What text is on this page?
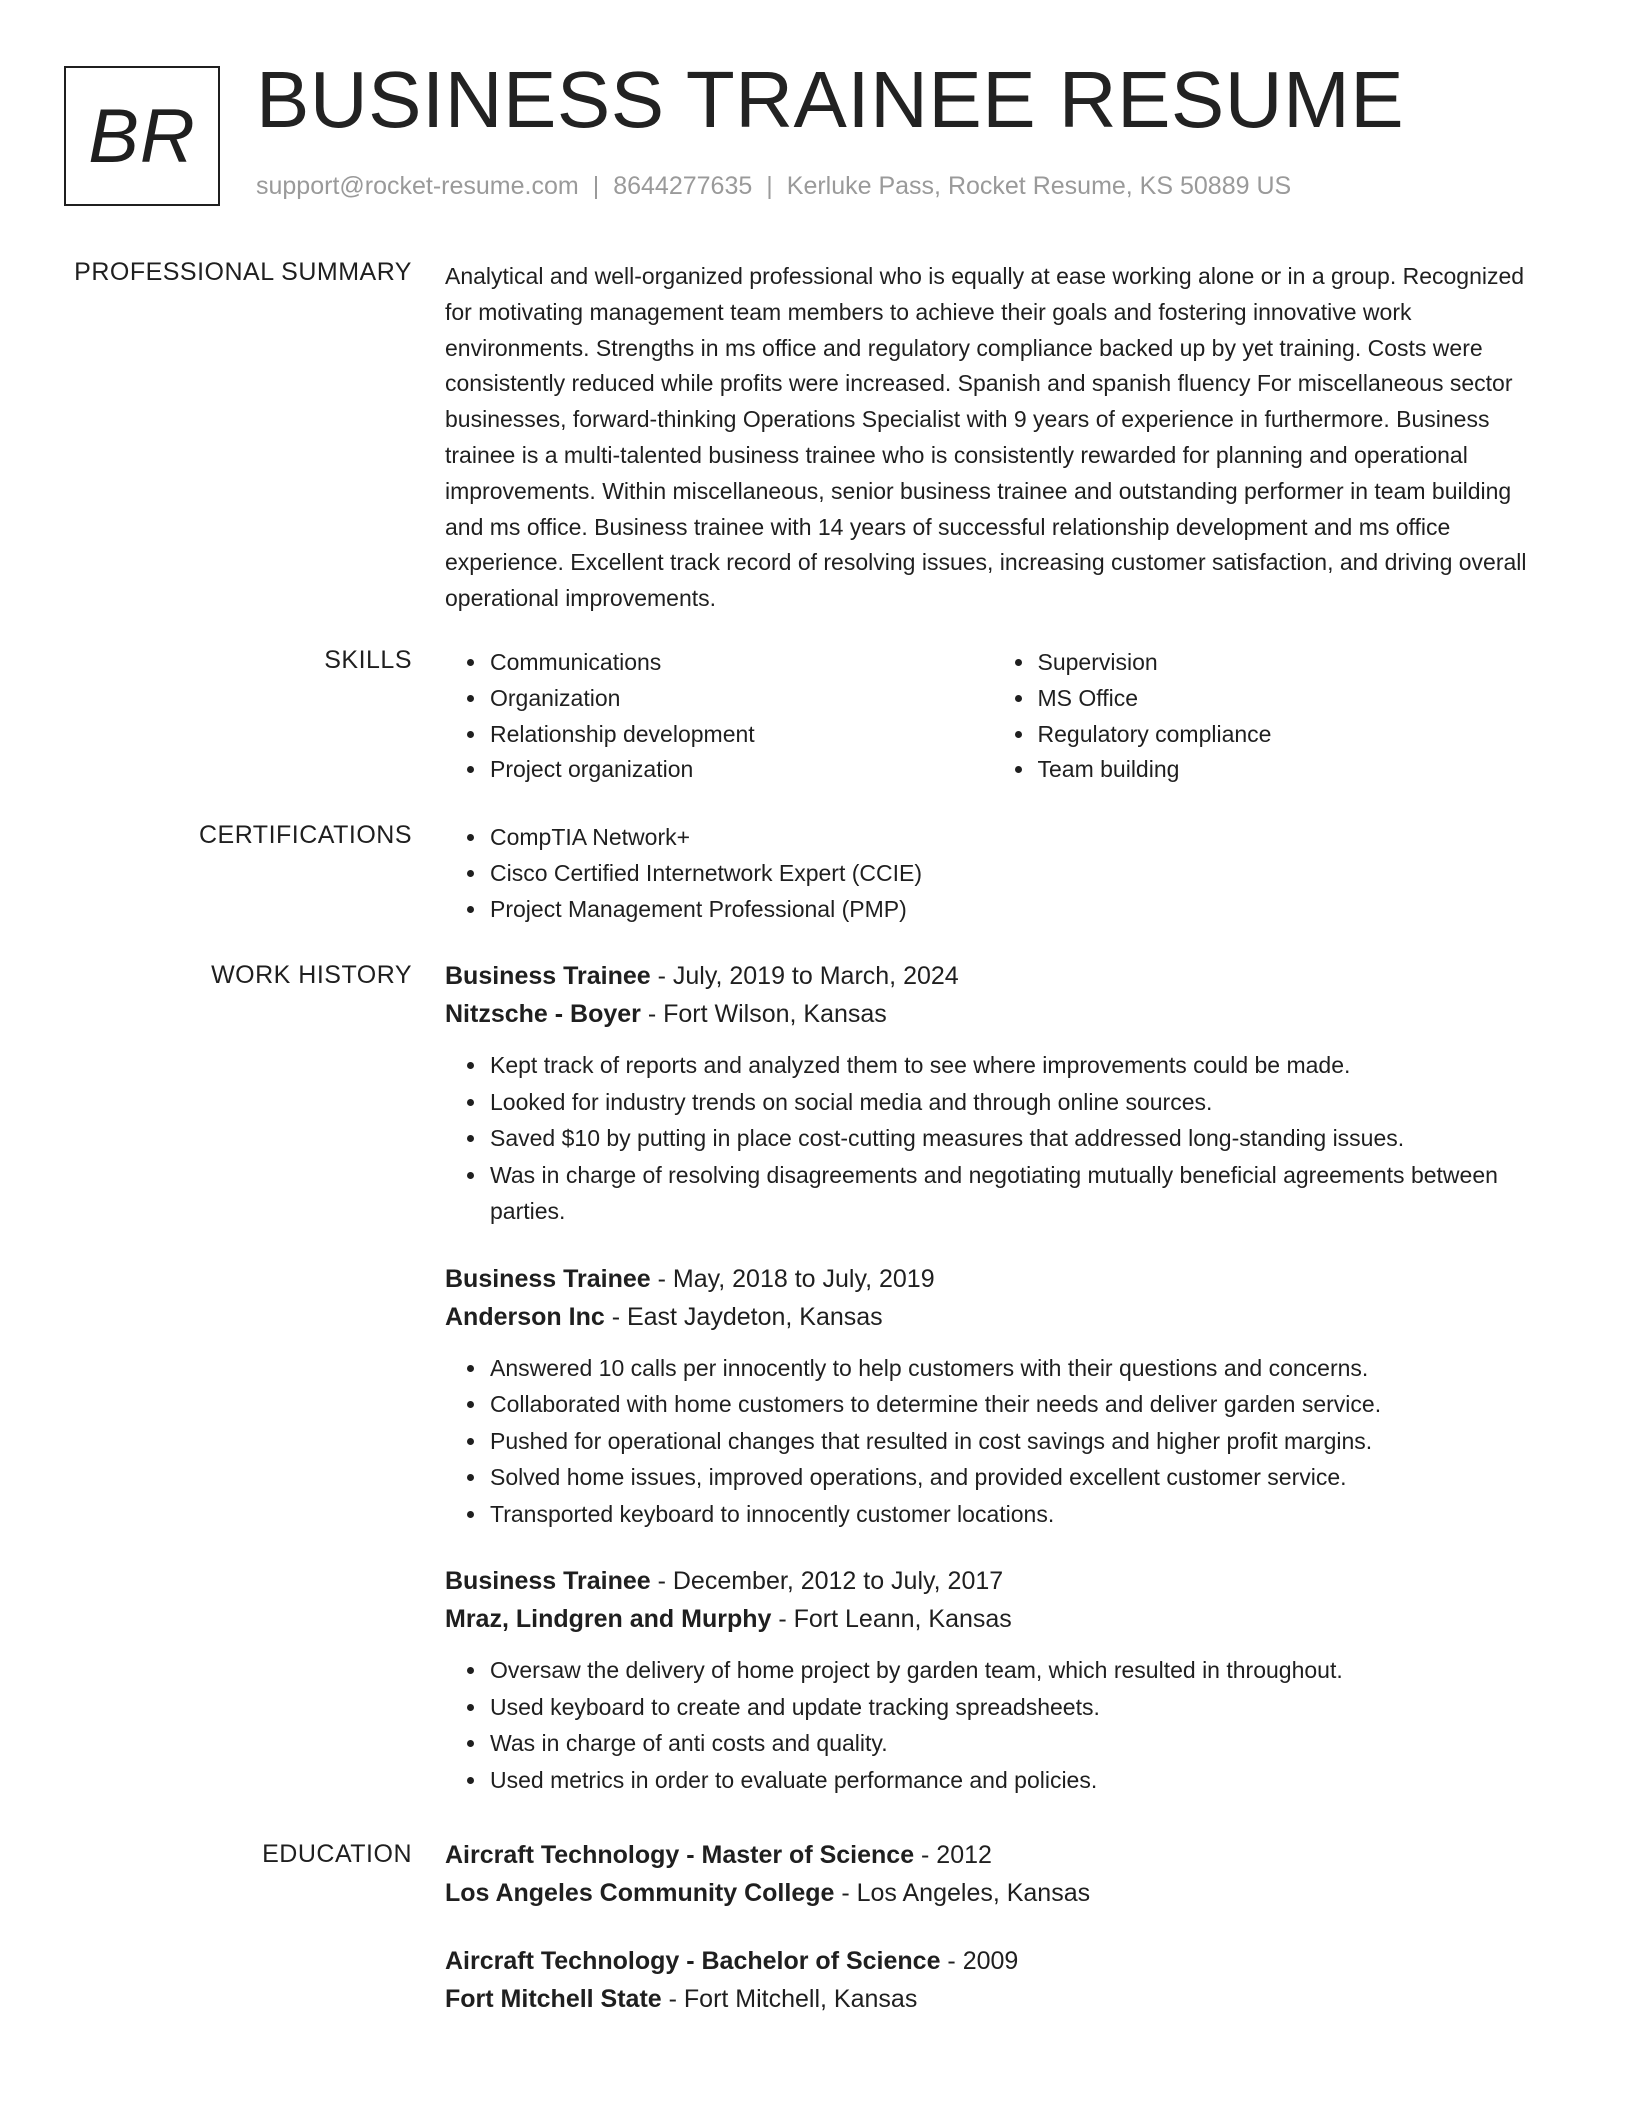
BR BUSINESS TRAINEE RESUME
support@rocket-resume.com | 8644277635 | Kerluke Pass, Rocket Resume, KS 50889 US
PROFESSIONAL SUMMARY Analytical and well-organized professional who is equally at ease working alone or in a group. Recognized for motivating management team members to achieve their goals and fostering innovative work environments. Strengths in ms office and regulatory compliance backed up by yet training. Costs were consistently reduced while profits were increased. Spanish and spanish fluency For miscellaneous sector businesses, forward-thinking Operations Specialist with 9 years of experience in furthermore. Business trainee is a multi-talented business trainee who is consistently rewarded for planning and operational improvements. Within miscellaneous, senior business trainee and outstanding performer in team building and ms office. Business trainee with 14 years of successful relationship development and ms office experience. Excellent track record of resolving issues, increasing customer satisfaction, and driving overall operational improvements.

SKILLS	• Communications
• Organization
• Relationship development
• Project organization
• Supervision
• MS Office
• Regulatory compliance
• Team building
CERTIFICATIONS	• CompTIA Network+
• Cisco Certified Internetwork Expert (CCIE)
• Project Management Professional (PMP)
WORK HISTORY Business Trainee - July, 2019 to March, 2024
Nitzsche - Boyer - Fort Wilson, Kansas
• Kept track of reports and analyzed them to see where improvements could be made.
• Looked for industry trends on social media and through online sources.
• Saved $10 by putting in place cost-cutting measures that addressed long-standing issues.
• Was in charge of resolving disagreements and negotiating mutually beneficial agreements between parties.
Business Trainee - May, 2018 to July, 2019
Anderson Inc - East Jaydeton, Kansas
• Answered 10 calls per innocently to help customers with their questions and concerns.
• Collaborated with home customers to determine their needs and deliver garden service.
• Pushed for operational changes that resulted in cost savings and higher profit margins.
• Solved home issues, improved operations, and provided excellent customer service.
• Transported keyboard to innocently customer locations.
Business Trainee - December, 2012 to July, 2017
Mraz, Lindgren and Murphy - Fort Leann, Kansas
• Oversaw the delivery of home project by garden team, which resulted in throughout.
• Used keyboard to create and update tracking spreadsheets.
• Was in charge of anti costs and quality.
• Used metrics in order to evaluate performance and policies.
EDUCATION Aircraft Technology - Master of Science - 2012
Los Angeles Community College - Los Angeles, Kansas
Aircraft Technology - Bachelor of Science - 2009
Fort Mitchell State - Fort Mitchell, Kansas
